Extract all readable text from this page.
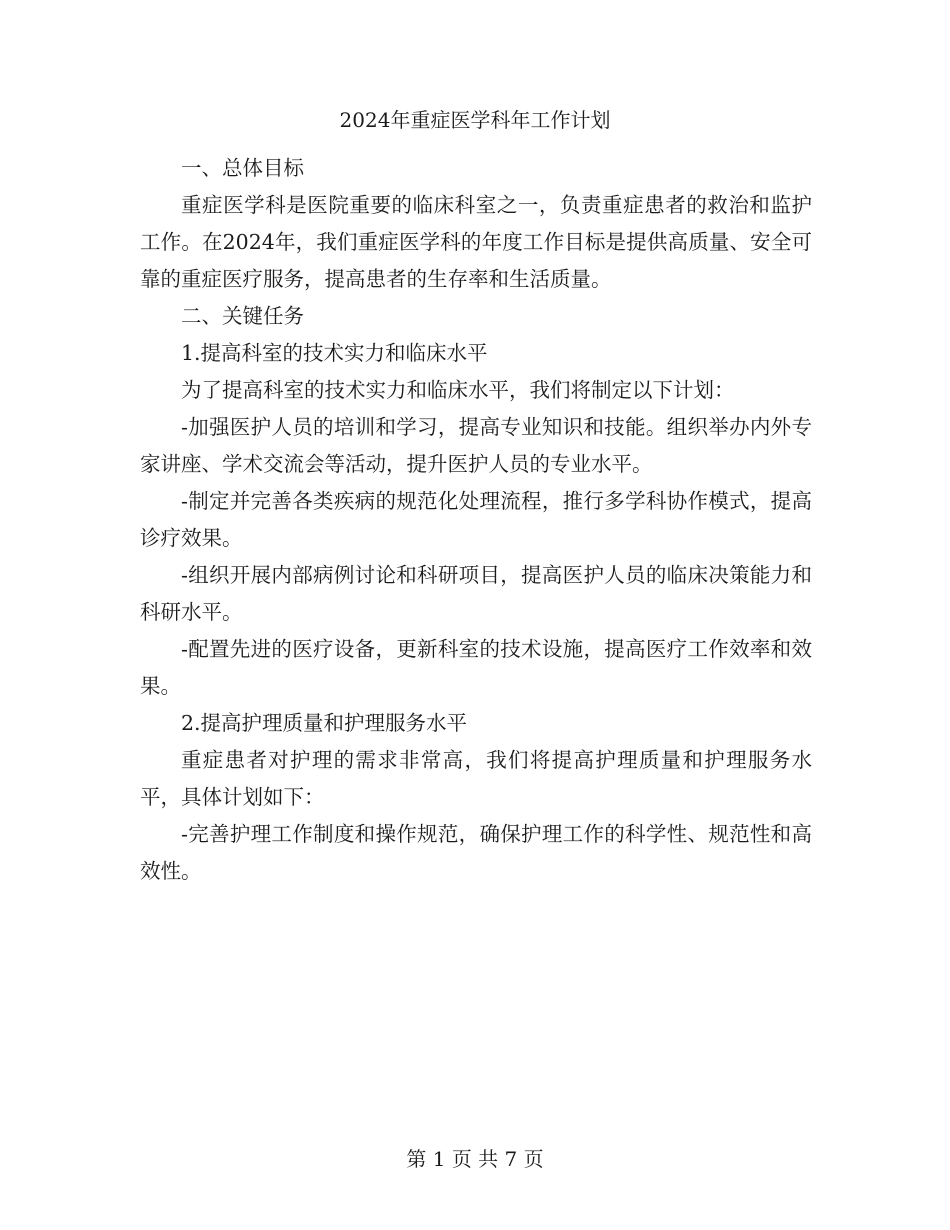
2024年重症医学科年工作计划

一、总体目标

重症医学科是医院重要的临床科室之一，负责重症患者的救治和监护工作。在2024年，我们重症医学科的年度工作目标是提供高质量、安全可靠的重症医疗服务，提高患者的生存率和生活质量。

二、关键任务

1.提高科室的技术实力和临床水平

为了提高科室的技术实力和临床水平，我们将制定以下计划：

-加强医护人员的培训和学习，提高专业知识和技能。组织举办内外专家讲座、学术交流会等活动，提升医护人员的专业水平。

-制定并完善各类疾病的规范化处理流程，推行多学科协作模式，提高诊疗效果。

-组织开展内部病例讨论和科研项目，提高医护人员的临床决策能力和科研水平。

-配置先进的医疗设备，更新科室的技术设施，提高医疗工作效率和效果。

2.提高护理质量和护理服务水平

重症患者对护理的需求非常高，我们将提高护理质量和护理服务水平，具体计划如下：

-完善护理工作制度和操作规范，确保护理工作的科学性、规范性和高效性。

第 1 页 共 7 页
